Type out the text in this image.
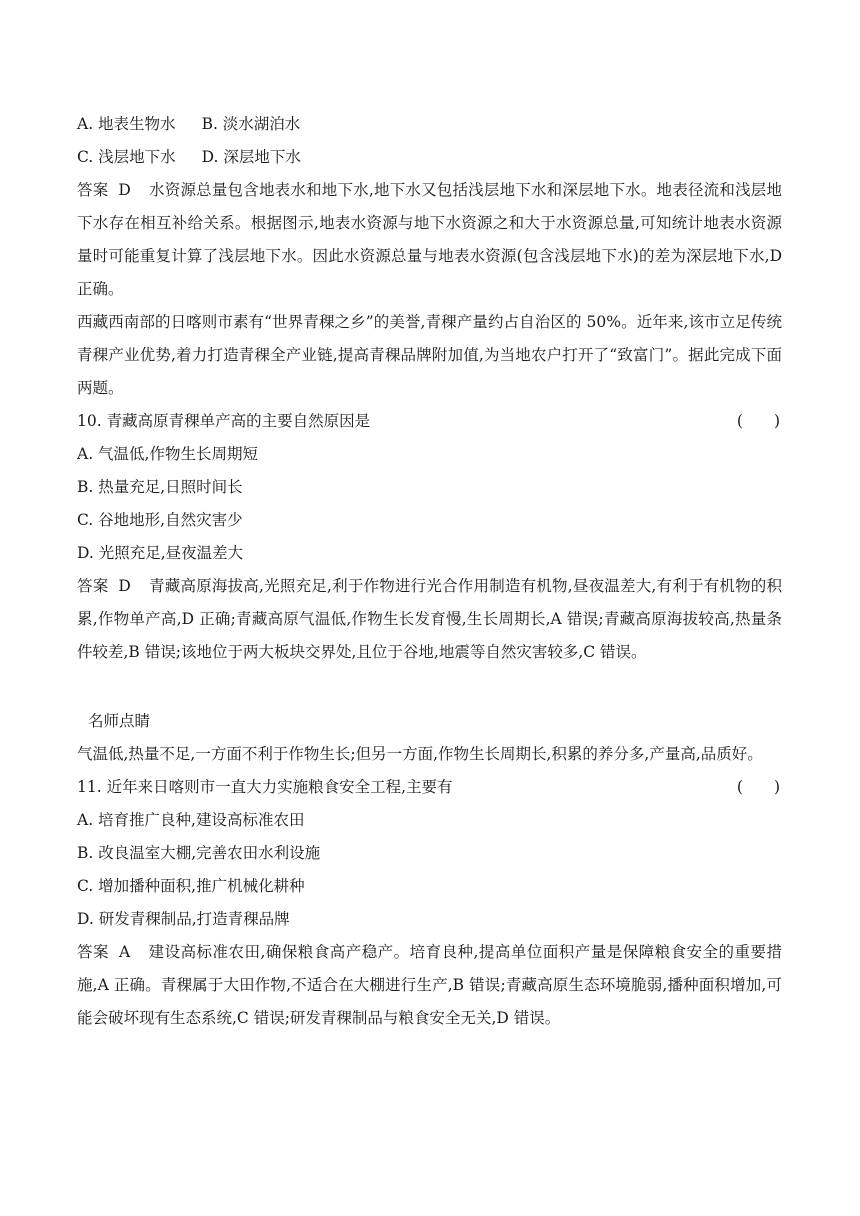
A. 地表生物水 B. 淡水湖泊水
C. 浅层地下水 D. 深层地下水
答案 D 水资源总量包含地表水和地下水,地下水又包括浅层地下水和深层地下水。地表径流和浅层地下水存在相互补给关系。根据图示,地表水资源与地下水资源之和大于水资源总量,可知统计地表水资源量时可能重复计算了浅层地下水。因此水资源总量与地表水资源(包含浅层地下水)的差为深层地下水,D 正确。
西藏西南部的日喀则市素有“世界青稞之乡”的美誉,青稞产量约占自治区的 50%。近年来,该市立足传统青稞产业优势,着力打造青稞全产业链,提高青稞品牌附加值,为当地农户打开了“致富门”。据此完成下面两题。
10. 青藏高原青稞单产高的主要自然原因是	(　　)
A. 气温低,作物生长周期短
B. 热量充足,日照时间长
C. 谷地地形,自然灾害少
D. 光照充足,昼夜温差大
答案 D 青藏高原海拔高,光照充足,利于作物进行光合作用制造有机物,昼夜温差大,有利于有机物的积累,作物单产高,D 正确;青藏高原气温低,作物生长发育慢,生长周期长,A 错误;青藏高原海拔较高,热量条件较差,B 错误;该地位于两大板块交界处,且位于谷地,地震等自然灾害较多,C 错误。
名师点睛
气温低,热量不足,一方面不利于作物生长;但另一方面,作物生长周期长,积累的养分多,产量高,品质好。
11. 近年来日喀则市一直大力实施粮食安全工程,主要有	(　　)
A. 培育推广良种,建设高标准农田
B. 改良温室大棚,完善农田水利设施
C. 增加播种面积,推广机械化耕种
D. 研发青稞制品,打造青稞品牌
答案 A 建设高标准农田,确保粮食高产稳产。培育良种,提高单位面积产量是保障粮食安全的重要措施,A 正确。青稞属于大田作物,不适合在大棚进行生产,B 错误;青藏高原生态环境脆弱,播种面积增加,可能会破坏现有生态系统,C 错误;研发青稞制品与粮食安全无关,D 错误。
